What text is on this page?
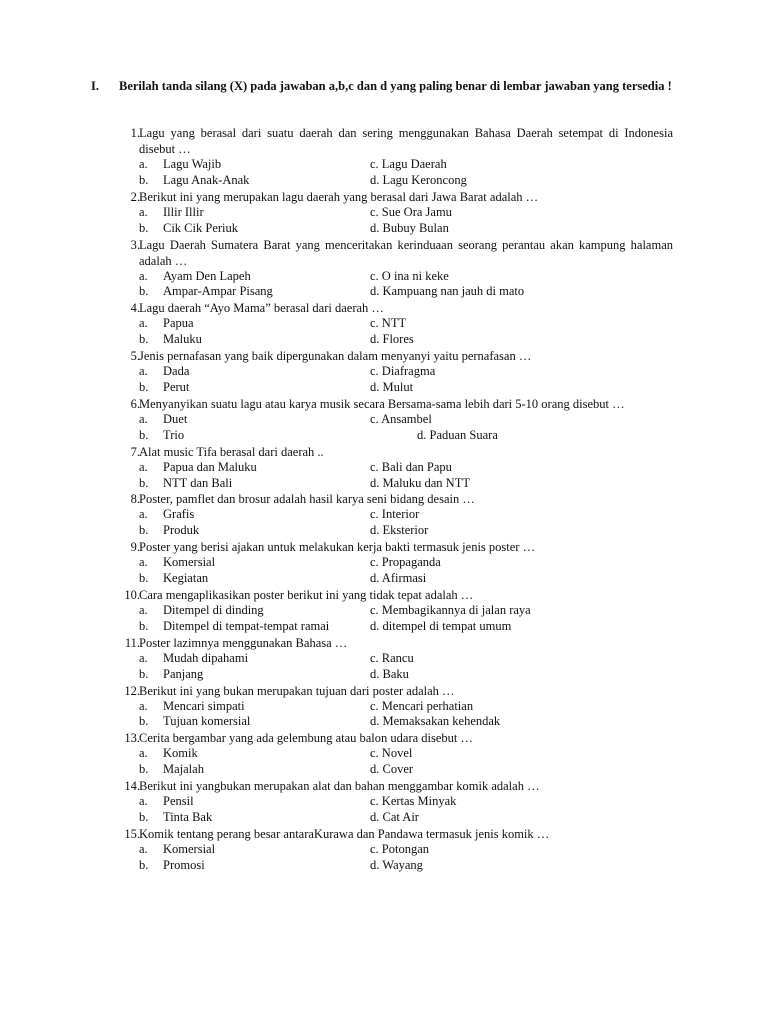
I. Berilah tanda silang (X) pada jawaban a,b,c dan d yang paling benar di lembar jawaban yang tersedia !
1. Lagu yang berasal dari suatu daerah dan sering menggunakan Bahasa Daerah setempat di Indonesia disebut …
a. Lagu Wajib	c. Lagu Daerah
b. Lagu Anak-Anak	d. Lagu Keroncong
2. Berikut ini yang merupakan lagu daerah yang berasal dari Jawa Barat adalah …
a. Illir Illir	c. Sue Ora Jamu
b. Cik Cik Periuk	d. Bubuy Bulan
3. Lagu Daerah Sumatera Barat yang menceritakan kerinduaan seorang perantau akan kampung halaman adalah …
a. Ayam Den Lapeh	c. O ina ni keke
b. Ampar-Ampar Pisang	d. Kampuang nan jauh di mato
4. Lagu daerah “Ayo Mama” berasal dari daerah …
a. Papua	c. NTT
b. Maluku	d. Flores
5. Jenis pernafasan yang baik dipergunakan dalam menyanyi yaitu pernafasan …
a. Dada	c. Diafragma
b. Perut	d. Mulut
6. Menyanyikan suatu lagu atau karya musik secara Bersama-sama lebih dari 5-10 orang disebut …
a. Duet	c. Ansambel
b. Trio	d. Paduan Suara
7. Alat music Tifa berasal dari daerah ..
a. Papua dan Maluku	c. Bali dan Papu
b. NTT dan Bali	d. Maluku dan NTT
8. Poster, pamflet dan brosur adalah hasil karya seni bidang desain …
a. Grafis	c. Interior
b. Produk	d. Eksterior
9. Poster yang berisi ajakan untuk melakukan kerja bakti termasuk jenis poster …
a. Komersial	c. Propaganda
b. Kegiatan	d. Afirmasi
10. Cara mengaplikasikan poster berikut ini yang tidak tepat adalah …
a. Ditempel di dinding	c. Membagikannya di jalan raya
b. Ditempel di tempat-tempat ramai	d. ditempel di tempat umum
11. Poster lazimnya menggunakan Bahasa …
a. Mudah dipahami	c. Rancu
b. Panjang	d. Baku
12. Berikut ini yang bukan merupakan tujuan dari poster adalah …
a. Mencari simpati	c. Mencari perhatian
b. Tujuan komersial	d. Memaksakan kehendak
13. Cerita bergambar yang ada gelembung atau balon udara disebut …
a. Komik	c. Novel
b. Majalah	d. Cover
14. Berikut ini yangbukan merupakan alat dan bahan menggambar komik adalah …
a. Pensil	c. Kertas Minyak
b. Tinta Bak	d. Cat Air
15. Komik tentang perang besar antaraKurawa dan Pandawa termasuk jenis komik …
a. Komersial	c. Potongan
b. Promosi	d. Wayang
